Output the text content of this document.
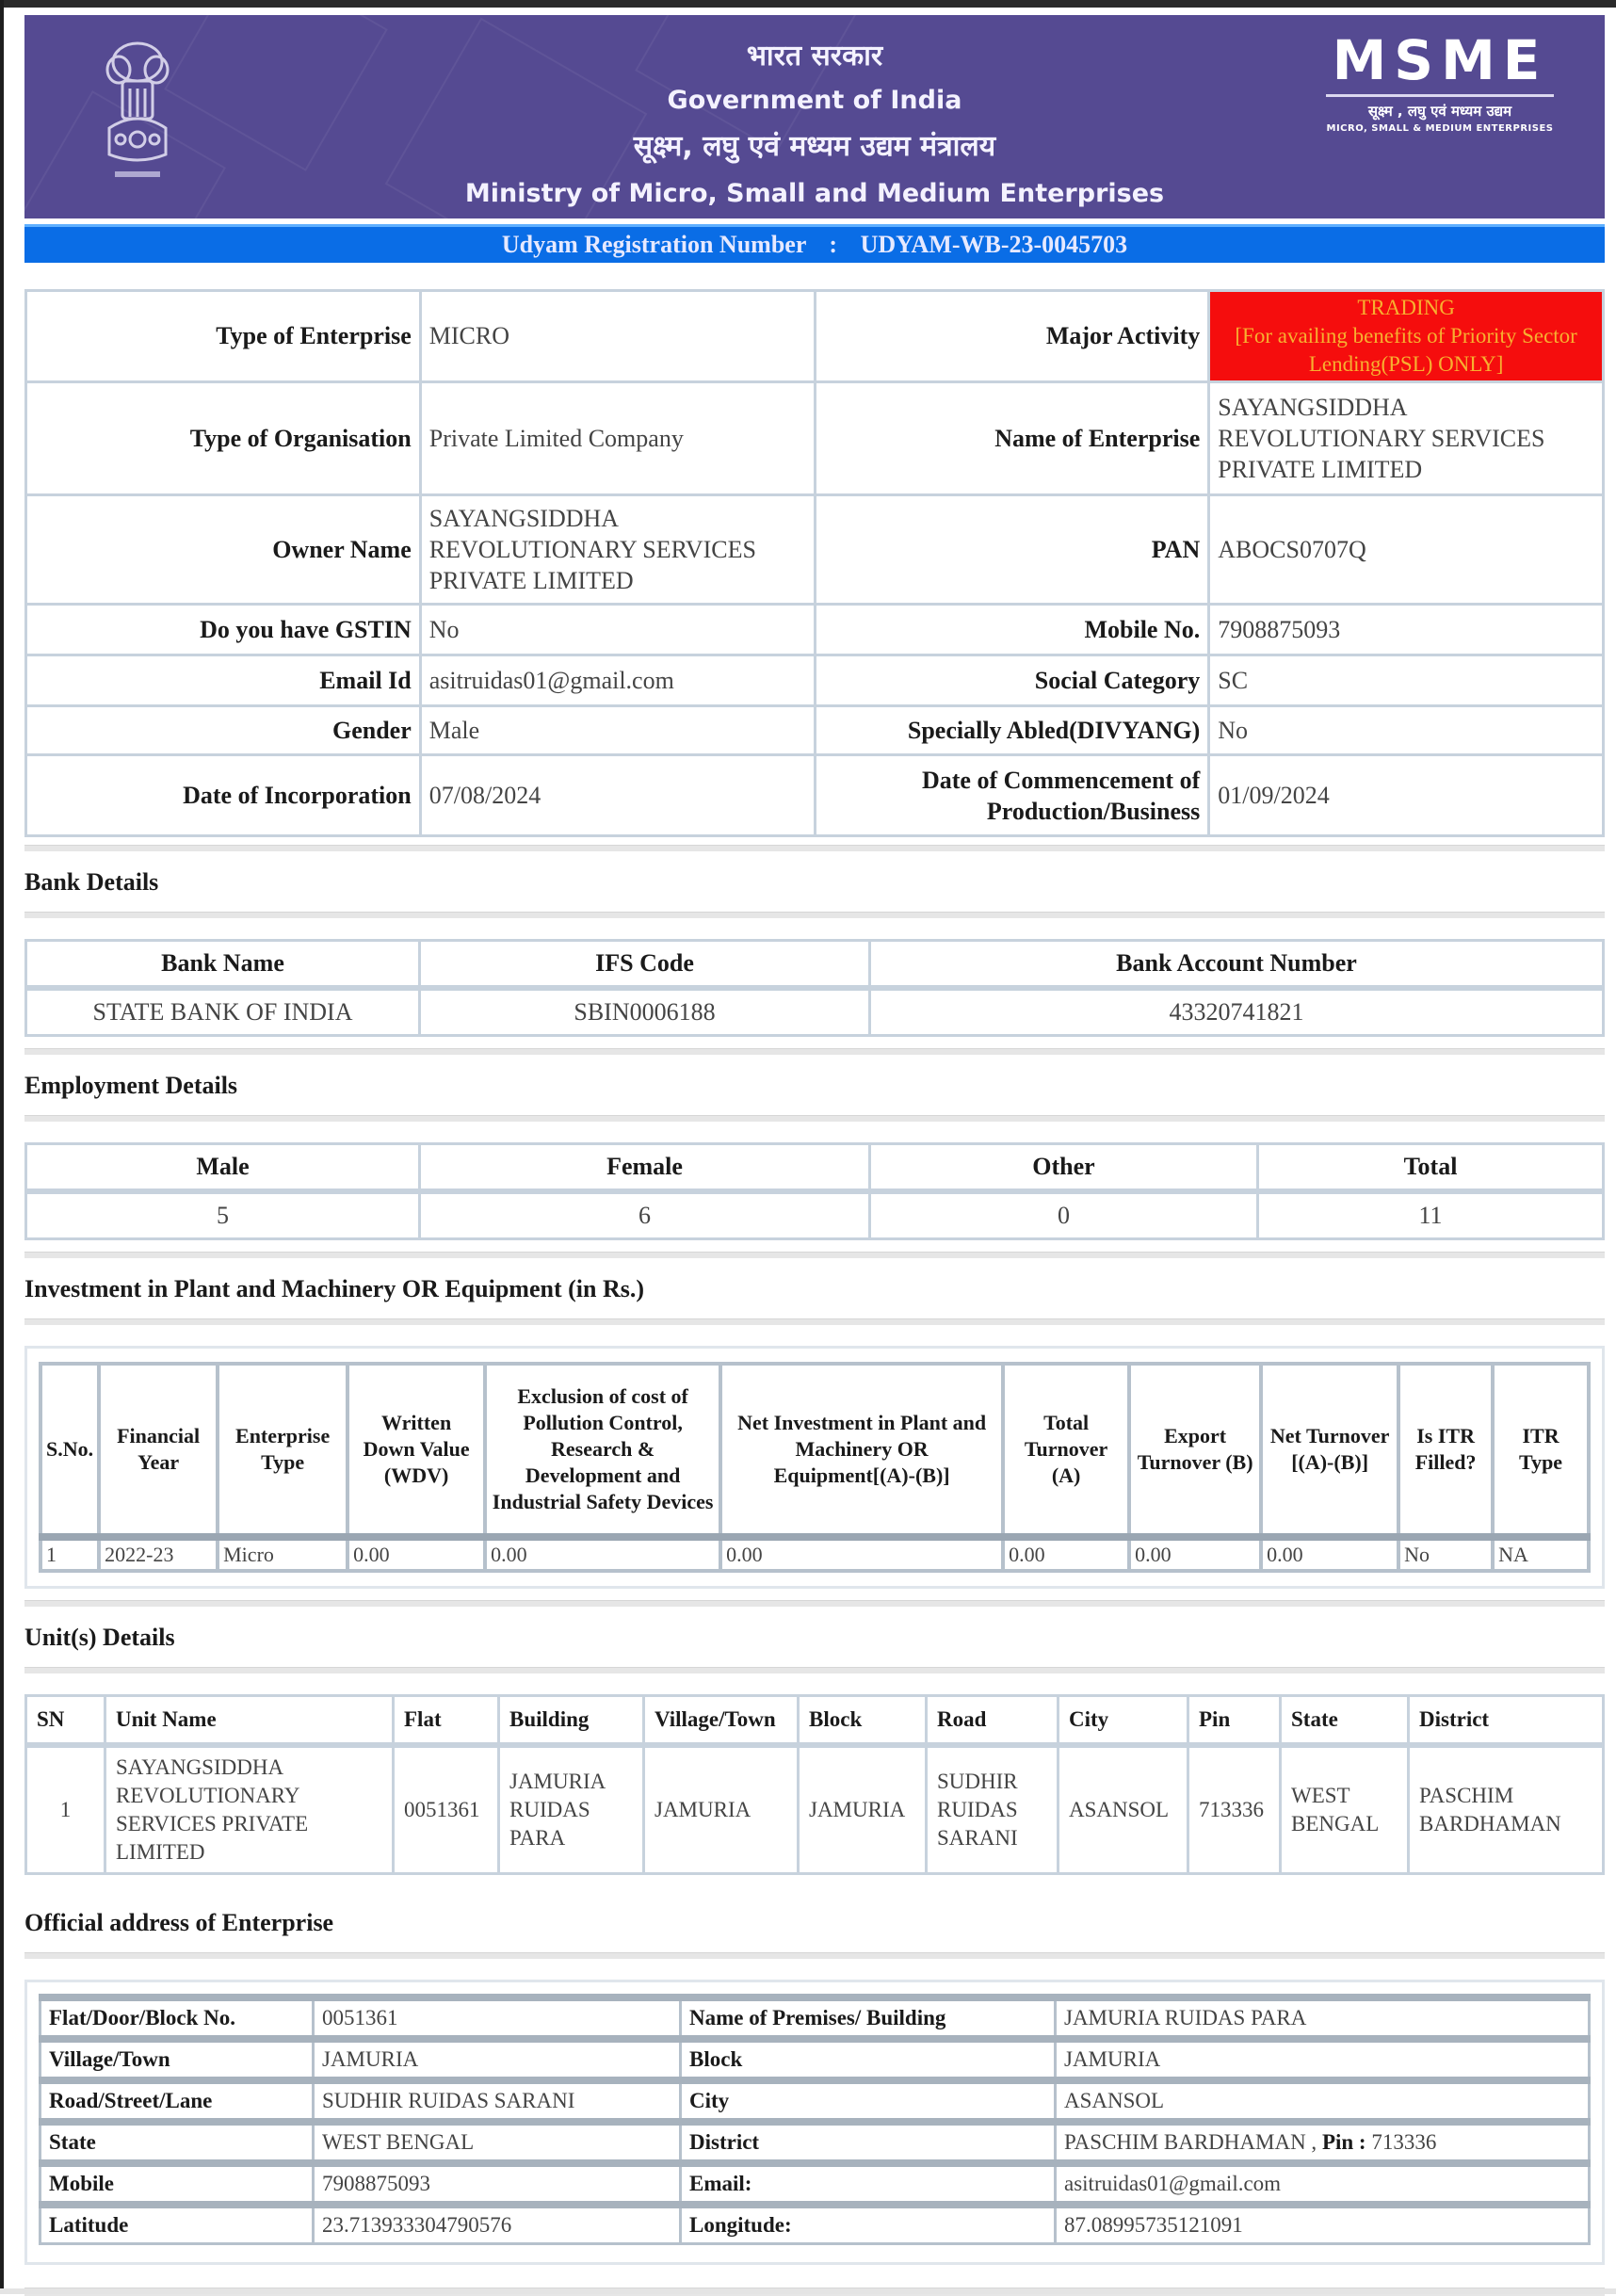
भारत सरकार
Government of India
सूक्ष्म, लघु एवं मध्यम उद्यम मंत्रालय
Ministry of Micro, Small and Medium Enterprises
MSME
सूक्ष्म , लघु एवं मध्यम उद्यम
MICRO, SMALL & MEDIUM ENTERPRISES
Udyam Registration Number : UDYAM-WB-23-0045703
Type of Enterprise	MICRO	Major Activity	TRADING
[For availing benefits of Priority Sector Lending(PSL) ONLY]

Type of Organisation	Private Limited Company	Name of Enterprise	SAYANGSIDDHA REVOLUTIONARY SERVICES PRIVATE LIMITED
Owner Name	SAYANGSIDDHA REVOLUTIONARY SERVICES PRIVATE LIMITED	PAN	ABOCS0707Q
Do you have GSTIN	No	Mobile No.	7908875093
Email Id	asitruidas01@gmail.com	Social Category	SC
Gender	Male	Specially Abled(DIVYANG)	No
Date of Incorporation	07/08/2024	Date of Commencement of Production/Business	01/09/2024
Bank Details
Bank Name	IFS Code	Bank Account Number
STATE BANK OF INDIA	SBIN0006188	43320741821
Employment Details
Male	Female	Other	Total
5	6	0	11
Investment in Plant and Machinery OR Equipment (in Rs.)
S.No.	Financial Year	Enterprise Type	Written Down Value (WDV)	Exclusion of cost of Pollution Control, Research & Development and Industrial Safety Devices	Net Investment in Plant and Machinery OR Equipment[(A)-(B)]	Total Turnover (A)	Export Turnover (B)	Net Turnover [(A)-(B)]	Is ITR Filled?	ITR Type
1	2022-23	Micro	0.00	0.00	0.00	0.00	0.00	0.00	No	NA
Unit(s) Details
SN	Unit Name	Flat	Building	Village/Town	Block	Road	City	Pin	State	District
1	SAYANGSIDDHA REVOLUTIONARY SERVICES PRIVATE LIMITED	0051361	JAMURIA RUIDAS PARA	JAMURIA	JAMURIA	SUDHIR RUIDAS SARANI	ASANSOL	713336	WEST BENGAL	PASCHIM BARDHAMAN
Official address of Enterprise
Flat/Door/Block No.	0051361	Name of Premises/ Building	JAMURIA RUIDAS PARA
Village/Town	JAMURIA	Block	JAMURIA
Road/Street/Lane	SUDHIR RUIDAS SARANI	City	ASANSOL
State	WEST BENGAL	District	PASCHIM BARDHAMAN , Pin : 713336
Mobile	7908875093	Email:	asitruidas01@gmail.com
Latitude	23.713933304790576	Longitude:	87.08995735121091
